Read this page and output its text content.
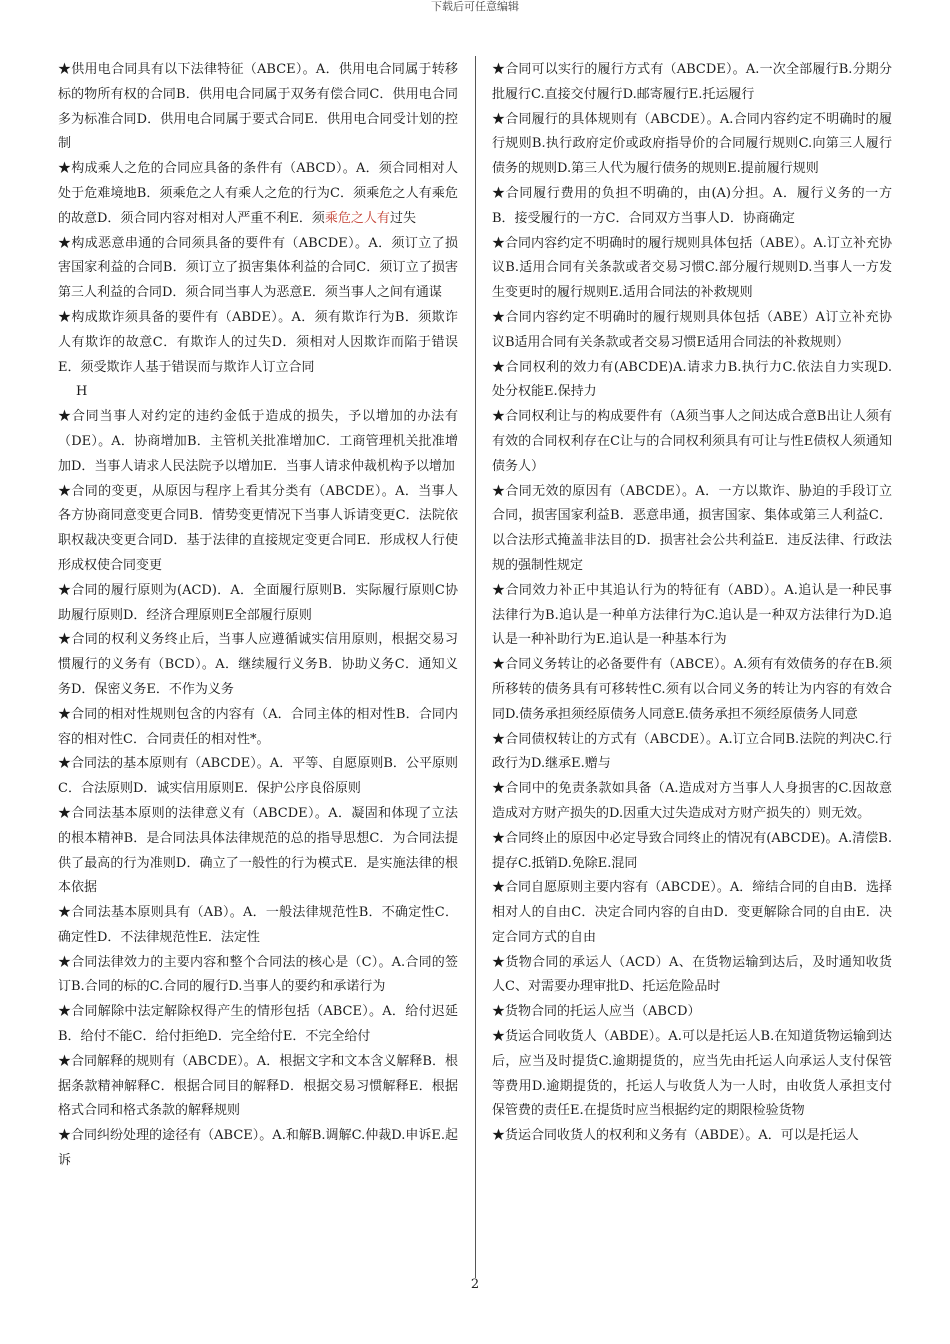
下载后可任意编辑

★供用电合同具有以下法律特征（ABCE）。A．供用电合同属于转移标的物所有权的合同B．供用电合同属于双务有偿合同C．供用电合同多为标准合同D．供用电合同属于要式合同E．供用电合同受计划的控制

★构成乘人之危的合同应具备的条件有（ABCD）。A．须合同相对人处于危难境地B．须乘危之人有乘人之危的行为C．须乘危之人有乘危的故意D．须合同内容对相对人严重不利E．须乘危之人有过失

★构成恶意串通的合同须具备的要件有（ABCDE）。A．须订立了损害国家利益的合同B．须订立了损害集体利益的合同C．须订立了损害第三人利益的合同D．须合同当事人为恶意E．须当事人之间有通谋

★构成欺诈须具备的要件有（ABDE）。A．须有欺诈行为B．须欺诈人有欺诈的故意C．有欺诈人的过失D．须相对人因欺诈而陷于错误E．须受欺诈人基于错误而与欺诈人订立合同

H

★合同当事人对约定的违约金低于造成的损失，予以增加的办法有（DE）。A．协商增加B．主管机关批准增加C．工商管理机关批准增加D．当事人请求人民法院予以增加E．当事人请求仲裁机构予以增加

★合同的变更，从原因与程序上看其分类有（ABCDE）。A．当事人各方协商同意变更合同B．情势变更情况下当事人诉请变更C．法院依职权裁决变更合同D．基于法律的直接规定变更合同E．形成权人行使形成权使合同变更

★合同的履行原则为(ACD)．A．全面履行原则B．实际履行原则C协助履行原则D．经济合理原则E全部履行原则

★合同的权利义务终止后，当事人应遵循诚实信用原则，根据交易习惯履行的义务有（BCD）。A．继续履行义务B．协助义务C．通知义务D．保密义务E．不作为义务

★合同的相对性规则包含的内容有（A．合同主体的相对性B．合同内容的相对性C．合同责任的相对性*。

★合同法的基本原则有（ABCDE）。A．平等、自愿原则B．公平原则C．合法原则D．诚实信用原则E．保护公序良俗原则

★合同法基本原则的法律意义有（ABCDE）。A．凝固和体现了立法的根本精神B．是合同法具体法律规范的总的指导思想C．为合同法提供了最高的行为准则D．确立了一般性的行为模式E．是实施法律的根本依据

★合同法基本原则具有（AB）。A．一般法律规范性B．不确定性C．确定性D．不法律规范性E．法定性

★合同法律效力的主要内容和整个合同法的核心是（C）。A.合同的签订B.合同的标的C.合同的履行D.当事人的要约和承诺行为

★合同解除中法定解除权得产生的情形包括（ABCE）。A．给付迟延B．给付不能C．给付拒绝D．完全给付E．不完全给付

★合同解释的规则有（ABCDE）。A．根据文字和文本含义解释B．根据条款精神解释C．根据合同目的解释D．根据交易习惯解释E．根据格式合同和格式条款的解释规则

★合同纠纷处理的途径有（ABCE）。A.和解B.调解C.仲裁D.申诉E.起诉

★合同可以实行的履行方式有（ABCDE）。A.一次全部履行B.分期分批履行C.直接交付履行D.邮寄履行E.托运履行

★合同履行的具体规则有（ABCDE）。A.合同内容约定不明确时的履行规则B.执行政府定价或政府指导价的合同履行规则C.向第三人履行债务的规则D.第三人代为履行债务的规则E.提前履行规则

★合同履行费用的负担不明确的，由(A)分担。A．履行义务的一方B．接受履行的一方C．合同双方当事人D．协商确定

★合同内容约定不明确时的履行规则具体包括（ABE）。A.订立补充协议B.适用合同有关条款或者交易习惯C.部分履行规则D.当事人一方发生变更时的履行规则E.适用合同法的补救规则

★合同内容约定不明确时的履行规则具体包括（ABE）A订立补充协议B适用合同有关条款或者交易习惯E适用合同法的补救规则）

★合同权利的效力有(ABCDE)A.请求力B.执行力C.依法自力实现D.处分权能E.保持力

★合同权利让与的构成要件有（A须当事人之间达成合意B出让人须有有效的合同权利存在C让与的合同权利须具有可让与性E债权人须通知债务人）

★合同无效的原因有（ABCDE）。A．一方以欺诈、胁迫的手段订立合同，损害国家利益B．恶意串通，损害国家、集体或第三人利益C．以合法形式掩盖非法目的D．损害社会公共利益E．违反法律、行政法规的强制性规定

★合同效力补正中其追认行为的特征有（ABD）。A.追认是一种民事法律行为B.追认是一种单方法律行为C.追认是一种双方法律行为D.追认是一种补助行为E.追认是一种基本行为

★合同义务转让的必备要件有（ABCE）。A.须有有效债务的存在B.须所移转的债务具有可移转性C.须有以合同义务的转让为内容的有效合同D.债务承担须经原债务人同意E.债务承担不须经原债务人同意

★合同债权转让的方式有（ABCDE）。A.订立合同B.法院的判决C.行政行为D.继承E.赠与

★合同中的免责条款如具备（A.造成对方当事人人身损害的C.因故意造成对方财产损失的D.因重大过失造成对方财产损失的）则无效。

★合同终止的原因中必定导致合同终止的情况有(ABCDE)。A.清偿B.提存C.抵销D.免除E.混同

★合同自愿原则主要内容有（ABCDE）。A．缔结合同的自由B．选择相对人的自由C．决定合同内容的自由D．变更解除合同的自由E．决定合同方式的自由

★货物合同的承运人（ACD）A、在货物运输到达后，及时通知收货人C、对需要办理审批D、托运危险品时

★货物合同的托运人应当（ABCD）

★货运合同收货人（ABDE）。A.可以是托运人B.在知道货物运输到达后，应当及时提货C.逾期提货的，应当先由托运人向承运人支付保管等费用D.逾期提货的，托运人与收货人为一人时，由收货人承担支付保管费的责任E.在提货时应当根据约定的期限检验货物

★货运合同收货人的权利和义务有（ABDE）。A．可以是托运人

2
